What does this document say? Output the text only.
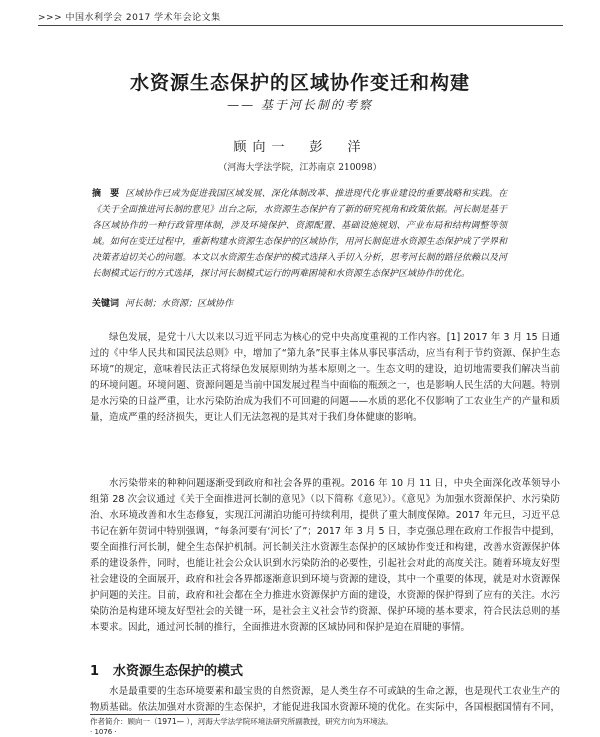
>>> 中国水利学会 2017 学术年会论文集
水资源生态保护的区域协作变迁和构建
—— 基于河长制的考察
顾向一　彭　洋
（河海大学法学院，江苏南京 210098）
摘　要 区域协作已成为促进我国区域发展、深化体制改革、推进现代化事业建设的重要战略和实践。在《关于全面推进河长制的意见》出台之际，水资源生态保护有了新的研究视角和政策依据。河长制是基于各区域协作的一种行政管理体制，涉及环境保护、资源配置、基础设施规划、产业布局和结构调整等领域。如何在变迁过程中，重新构建水资源生态保护的区域协作，用河长制促进水资源生态保护成了学界和决策者迫切关心的问题。本文以水资源生态保护的模式选择入手切入分析，思考河长制的路径依赖以及河长制模式运行的方式选择，探讨河长制模式运行的两难困境和水资源生态保护区域协作的优化。
关键词 河长制；水资源；区域协作

绿色发展，是党十八大以来以习近平同志为核心的党中央高度重视的工作内容。[1] 2017 年 3 月 15 日通过的《中华人民共和国民法总则》中，增加了“第九条”民事主体从事民事活动，应当有利于节约资源、保护生态环境”的规定，意味着民法正式将绿色发展原则纳为基本原则之一。生态文明的建设，迫切地需要我们解决当前的环境问题。环境问题、资源问题是当前中国发展过程当中面临的瓶颈之一，也是影响人民生活的大问题。特别是水污染的日益严重，让水污染防治成为我们不可回避的问题——水质的恶化不仅影响了工农业生产的产量和质量，造成严重的经济损失，更让人们无法忽视的是其对于我们身体健康的影响。

水污染带来的种种问题逐渐受到政府和社会各界的重视。2016 年 10 月 11 日，中央全面深化改革领导小组第 28 次会议通过《关于全面推进河长制的意见》（以下简称《意见》）。《意见》为加强水资源保护、水污染防治、水环境改善和水生态修复，实现江河湖泊功能可持续利用，提供了重大制度保障。2017 年元旦，习近平总书记在新年贺词中特别强调，“每条河要有‘河长’了”；2017 年 3 月 5 日，李克强总理在政府工作报告中提到，要全面推行河长制，健全生态保护机制。河长制关注水资源生态保护的区域协作变迁和构建，改善水资源保护体系的建设条件，同时，也能让社会公众认识到水污染防治的必要性，引起社会对此的高度关注。随着环境友好型社会建设的全面展开，政府和社会各界都逐渐意识到环境与资源的建设，其中一个重要的体现，就是对水资源保护问题的关注。目前，政府和社会都在全力推进水资源保护方面的建设，水资源的保护得到了应有的关注。水污染防治是构建环境友好型社会的关键一环，是社会主义社会节约资源、保护环境的基本要求，符合民法总则的基本要求。因此，通过河长制的推行，全面推进水资源的区域协同和保护是迫在眉睫的事情。

1 水资源生态保护的模式

水是最重要的生态环境要素和最宝贵的自然资源，是人类生存不可或缺的生命之源，也是现代工农业生产的物质基础。依法加强对水资源的生态保护，才能促进我国水资源环境的优化。在实际中，各国根据国情有不同，

作者简介：顾向一（1971— ），河海大学法学院环境法研究所副教授，研究方向为环境法。
· 1076 ·
